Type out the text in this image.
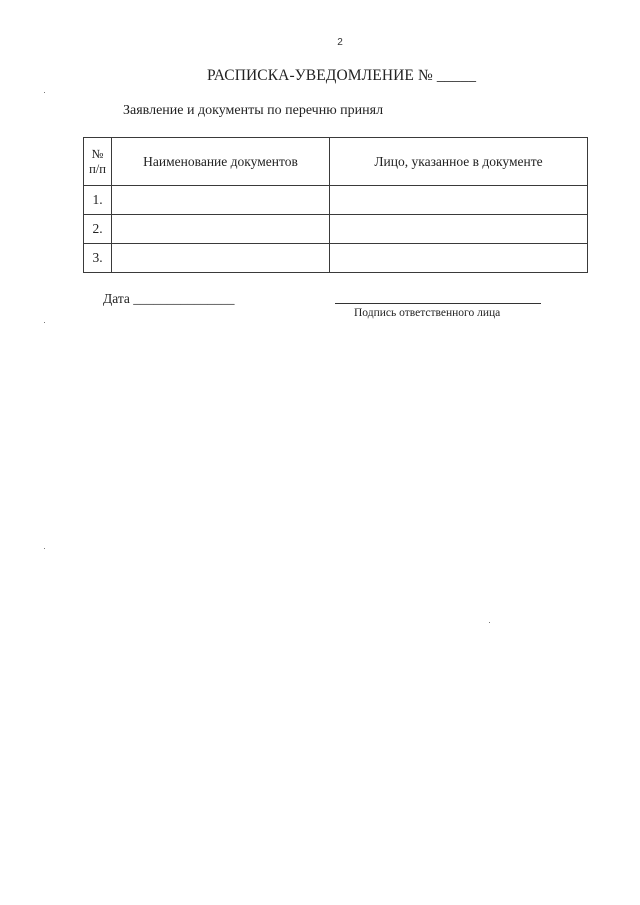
2
РАСПИСКА-УВЕДОМЛЕНИЕ № _____
Заявление и документы по перечню принял
№
п/п	Наименование документов	Лицо, указанное в документе
1.		
2.		
3.		
Дата _______________
Подпись ответственного лица
